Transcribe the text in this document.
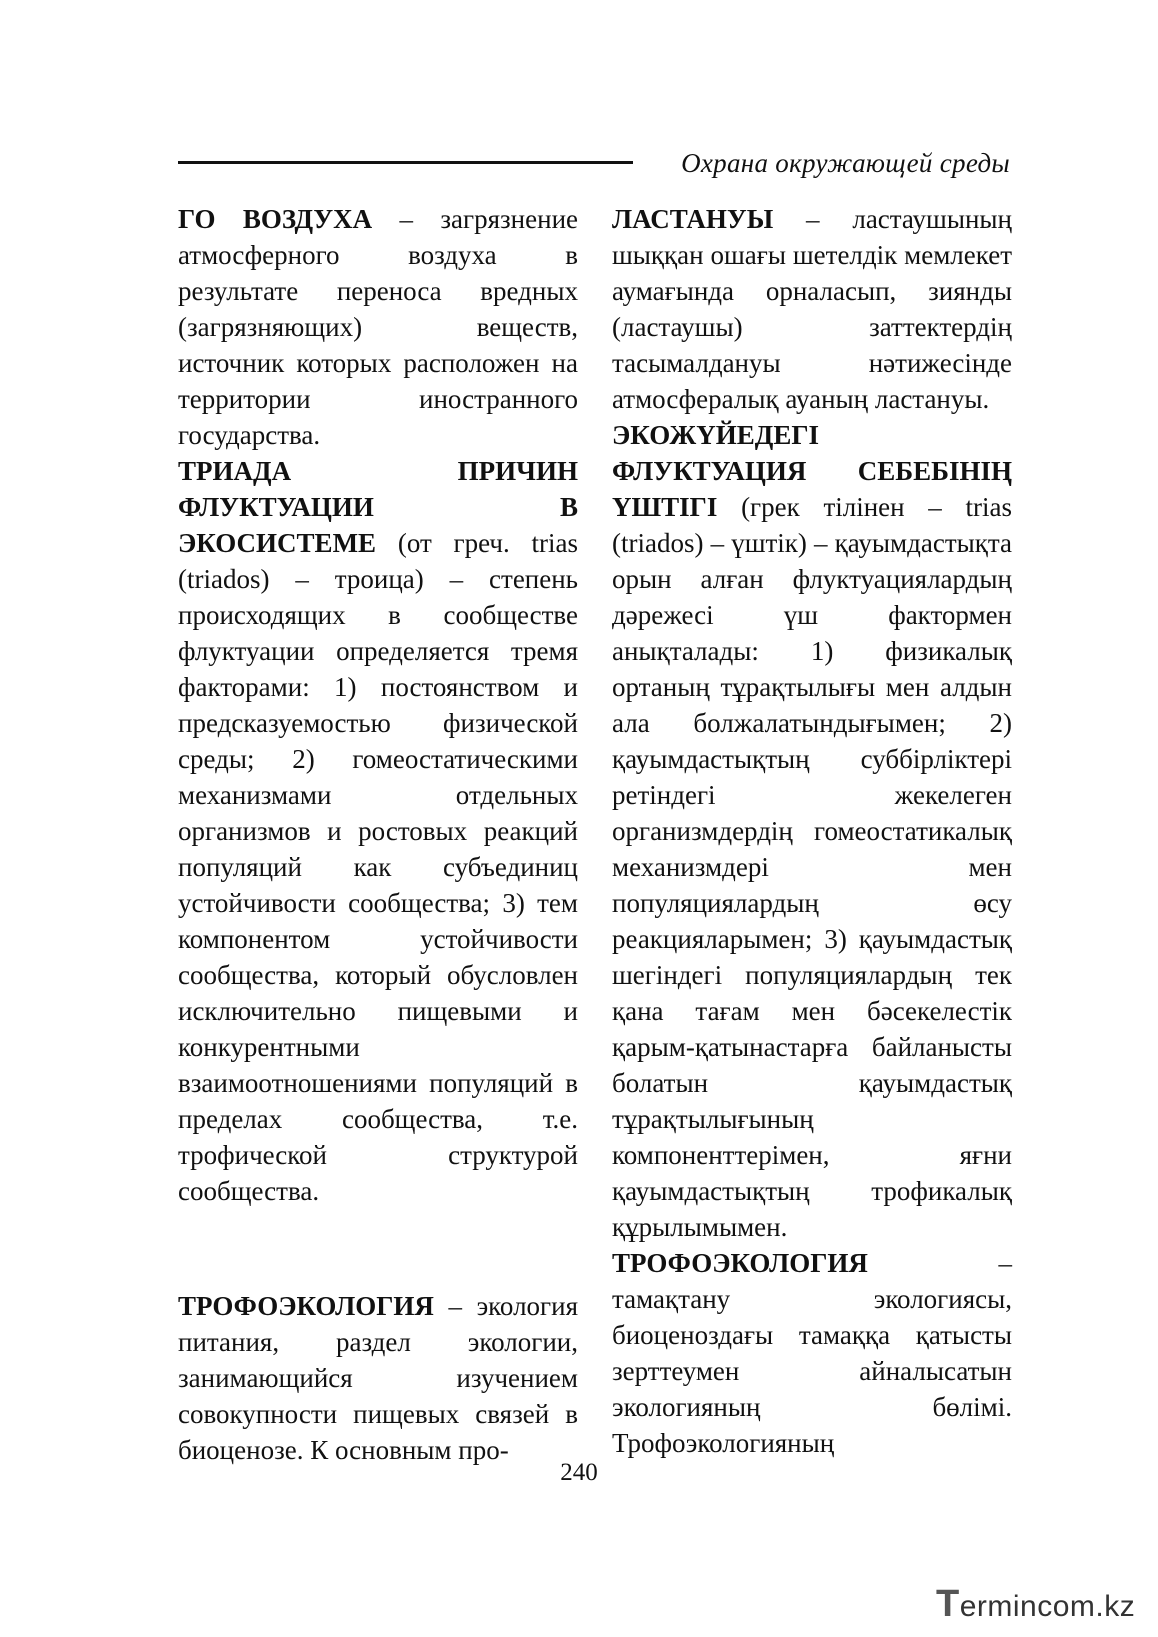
Охрана окружающей среды

ГО ВОЗДУХА – загрязнение атмосферного воздуха в результате переноса вредных (загрязняющих) веществ, источник которых расположен на территории иностранного государства.

ТРИАДА ПРИЧИН ФЛУКТУАЦИИ В ЭКОСИСТЕМЕ (от греч. trias (triados) – троица) – степень происходящих в сообществе флуктуации определяется тремя факторами: 1) постоянством и предсказуемостью физической среды; 2) гомеостатическими механизмами отдельных организмов и ростовых реакций популяций как субъединиц устойчивости сообщества; 3) тем компонентом устойчивости сообщества, который обусловлен исключительно пищевыми и конкурентными взаимоотношениями популяций в пределах сообщества, т.е. трофической структурой сообщества.

ТРОФОЭКОЛОГИЯ – экология питания, раздел экологии, занимающийся изучением совокупности пищевых связей в биоценозе. К основным про-

ЛАСТАНУЫ – ластаушының шыққан ошағы шетелдік мемлекет аумағында орналасып, зиянды (ластаушы) заттектердің тасымалдануы нәтижесінде атмосфералық ауаның ластануы.

ЭКОЖҮЙЕДЕГІ ФЛУКТУАЦИЯ СЕБЕБІНІҢ ҮШТІГІ (грек тілінен – trias (triados) – үштік) – қауымдастықта орын алған флуктуациялардың дәрежесі үш фактормен анықталады: 1) физикалық ортаның тұрақтылығы мен алдын ала болжалатындығымен; 2) қауымдастықтың суббірліктері ретіндегі жекелеген организмдердің гомеостатикалық механизмдері мен популяциялардың өсу реакцияларымен; 3) қауымдастық шегіндегі популяциялардың тек қана тағам мен бәсекелестік қарым-қатынастарға байланысты болатын қауымдастық тұрақтылығының компоненттерімен, яғни қауымдастықтың трофикалық құрылымымен.

ТРОФОЭКОЛОГИЯ – тамақтану экологиясы, биоценоздағы тамаққа қатысты зерттеумен айналысатын экологияның бөлімі. Трофоэкологияның

240
Termincom.kz
